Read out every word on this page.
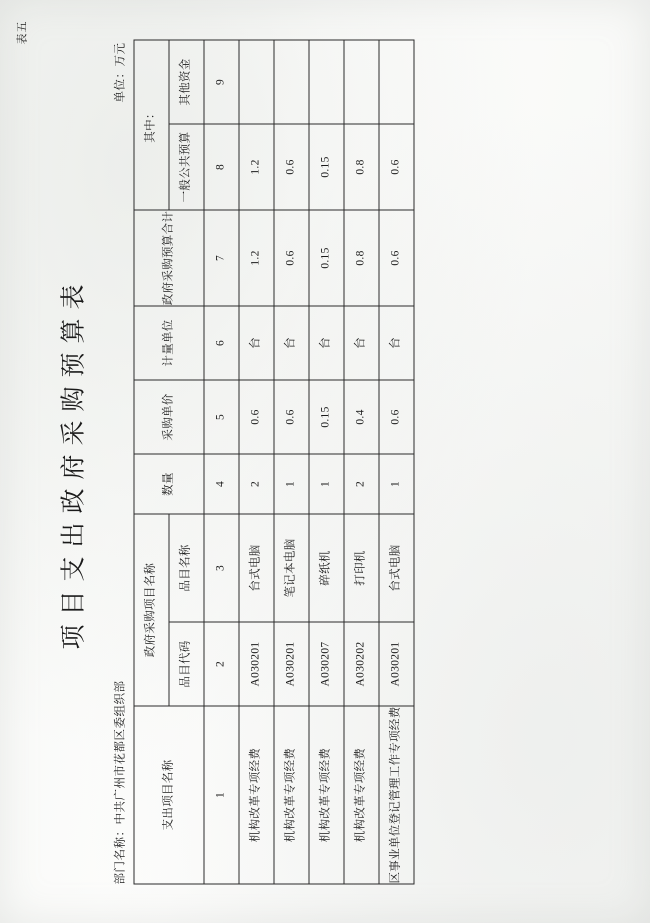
表五
项目支出政府采购预算表
部门名称：中共广州市花都区委组织部
单位：万元
支出项目名称	政府采购项目名称		数量	采购单价	计量单位	政府采购预算合计	其中：	
	品目代码	品目名称					一般公共预算	其他资金
1	2	3	4	5	6	7	8	9
机构改革专项经费	A030201	台式电脑	2	0.6	台	1.2	1.2	
机构改革专项经费	A030201	笔记本电脑	1	0.6	台	0.6	0.6	
机构改革专项经费	A030207	碎纸机	1	0.15	台	0.15	0.15	
机构改革专项经费	A030202	打印机	2	0.4	台	0.8	0.8	
区事业单位登记管理工作专项经费	A030201	台式电脑	1	0.6	台	0.6	0.6	
